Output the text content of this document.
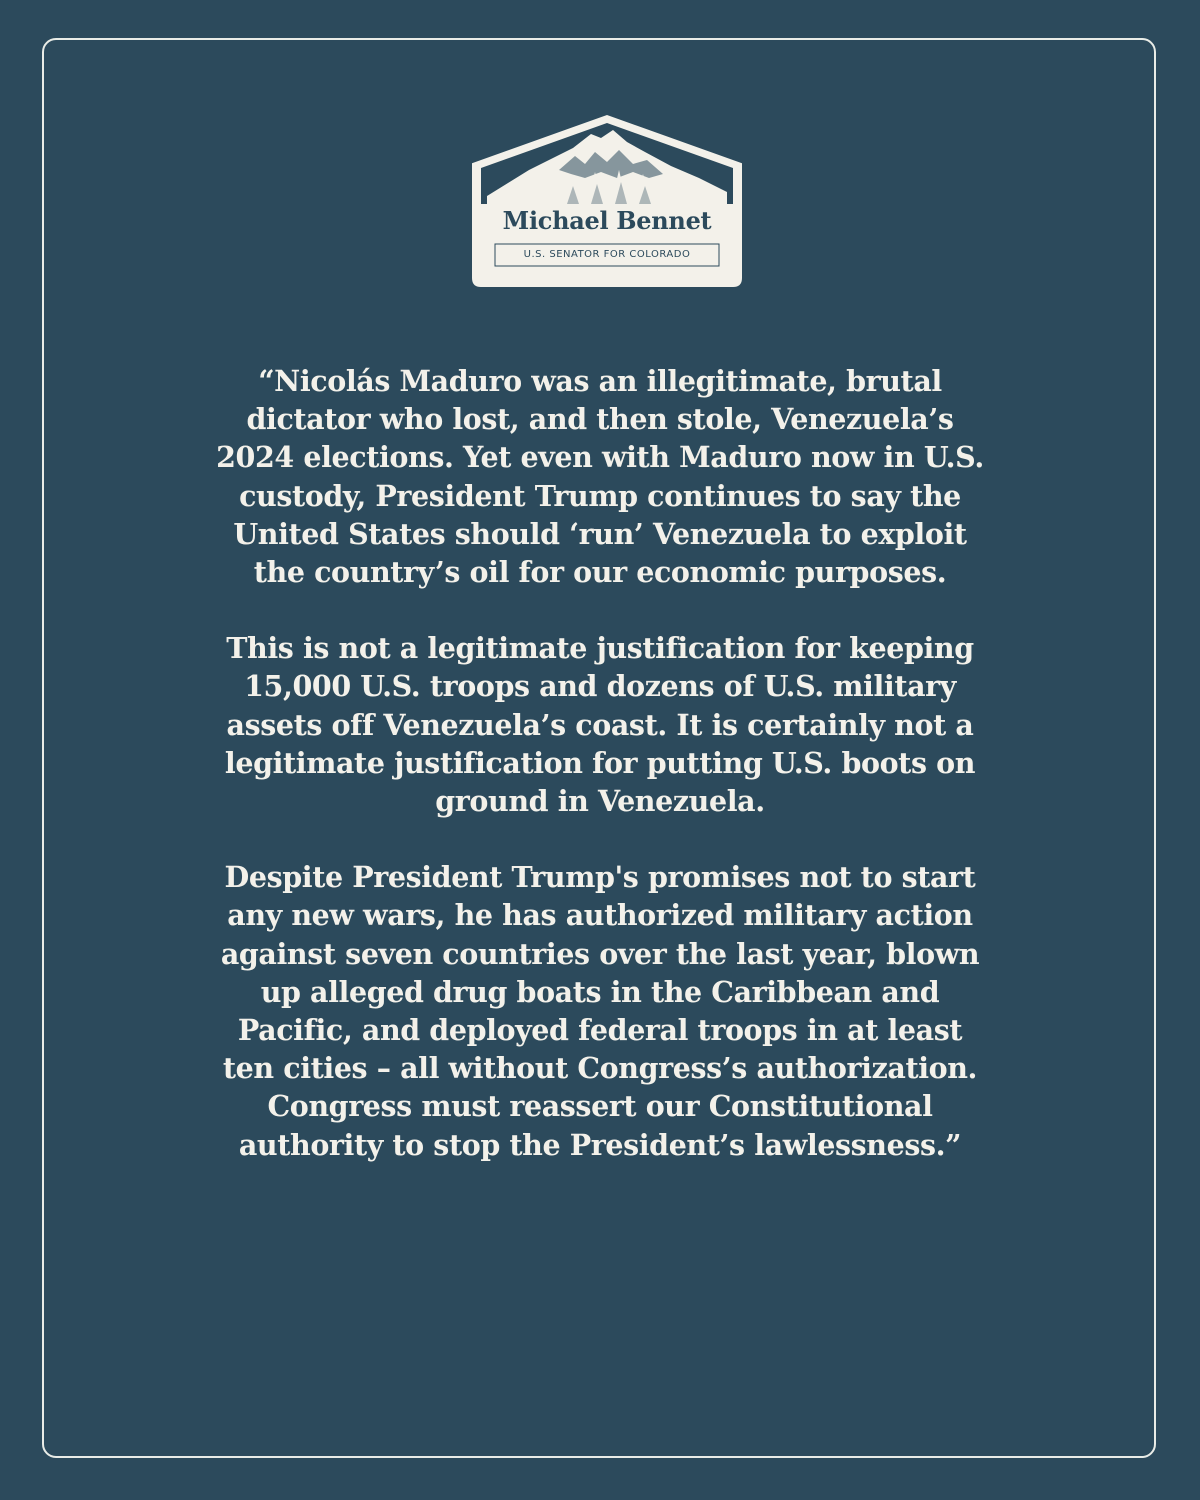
Michael Bennet
U.S. SENATOR FOR COLORADO

“Nicolás Maduro was an illegitimate, brutal
dictator who lost, and then stole, Venezuela’s
2024 elections. Yet even with Maduro now in U.S.
custody, President Trump continues to say the
United States should ‘run’ Venezuela to exploit
the country’s oil for our economic purposes.

This is not a legitimate justification for keeping
15,000 U.S. troops and dozens of U.S. military
assets off Venezuela’s coast. It is certainly not a
legitimate justification for putting U.S. boots on
ground in Venezuela.

Despite President Trump's promises not to start
any new wars, he has authorized military action
against seven countries over the last year, blown
up alleged drug boats in the Caribbean and
Pacific, and deployed federal troops in at least
ten cities – all without Congress’s authorization.
Congress must reassert our Constitutional
authority to stop the President’s lawlessness.”
